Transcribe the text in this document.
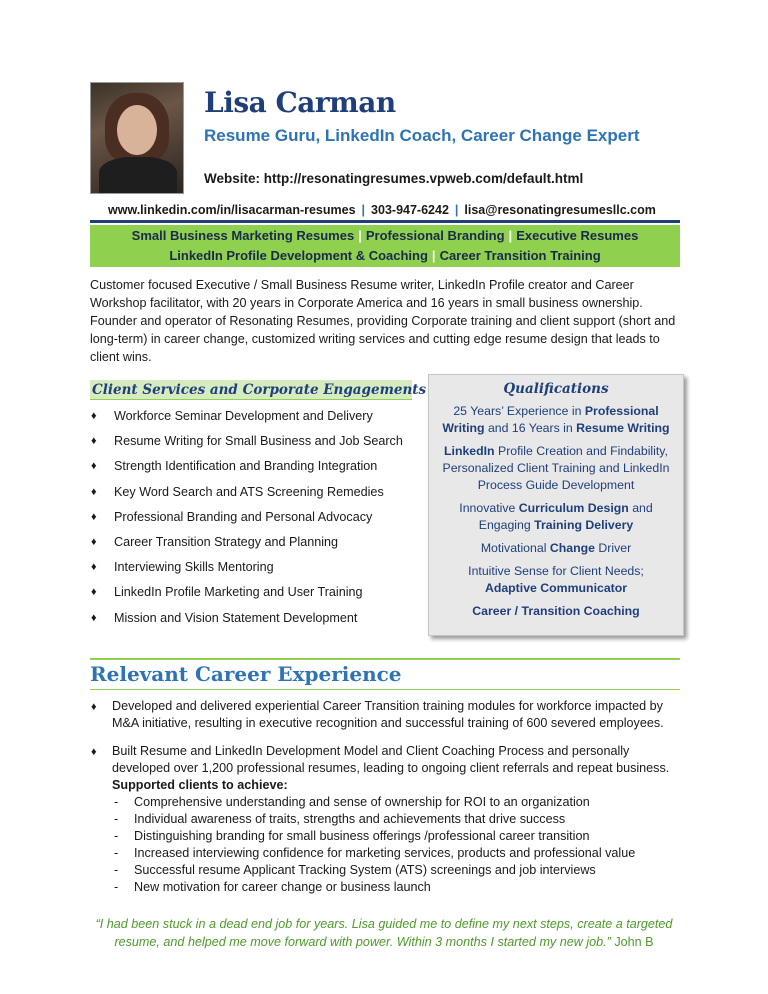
Lisa Carman
Resume Guru, LinkedIn Coach, Career Change Expert
Website: http://resonatingresumes.vpweb.com/default.html
www.linkedin.com/in/lisacarman-resumes | 303-947-6242 | lisa@resonatingresumesllc.com
Small Business Marketing Resumes | Professional Branding | Executive Resumes
LinkedIn Profile Development & Coaching | Career Transition Training
Customer focused Executive / Small Business Resume writer, LinkedIn Profile creator and Career Workshop facilitator, with 20 years in Corporate America and 16 years in small business ownership. Founder and operator of Resonating Resumes, providing Corporate training and client support (short and long-term) in career change, customized writing services and cutting edge resume design that leads to client wins.
Client Services and Corporate Engagements
♦ Workforce Seminar Development and Delivery
♦ Resume Writing for Small Business and Job Search
♦ Strength Identification and Branding Integration
♦ Key Word Search and ATS Screening Remedies
♦ Professional Branding and Personal Advocacy
♦ Career Transition Strategy and Planning
♦ Interviewing Skills Mentoring
♦ LinkedIn Profile Marketing and User Training
♦ Mission and Vision Statement Development
Qualifications
25 Years’ Experience in Professional Writing and 16 Years in Resume Writing
LinkedIn Profile Creation and Findability, Personalized Client Training and LinkedIn Process Guide Development
Innovative Curriculum Design and Engaging Training Delivery
Motivational Change Driver
Intuitive Sense for Client Needs;
Adaptive Communicator
Career / Transition Coaching
Relevant Career Experience
♦ Developed and delivered experiential Career Transition training modules for workforce impacted by M&A initiative, resulting in executive recognition and successful training of 600 severed employees.
♦ Built Resume and LinkedIn Development Model and Client Coaching Process and personally developed over 1,200 professional resumes, leading to ongoing client referrals and repeat business.
Supported clients to achieve:
- Comprehensive understanding and sense of ownership for ROI to an organization
- Individual awareness of traits, strengths and achievements that drive success
- Distinguishing branding for small business offerings /professional career transition
- Increased interviewing confidence for marketing services, products and professional value
- Successful resume Applicant Tracking System (ATS) screenings and job interviews
- New motivation for career change or business launch
“I had been stuck in a dead end job for years. Lisa guided me to define my next steps, create a targeted resume, and helped me move forward with power. Within 3 months I started my new job.” John B
